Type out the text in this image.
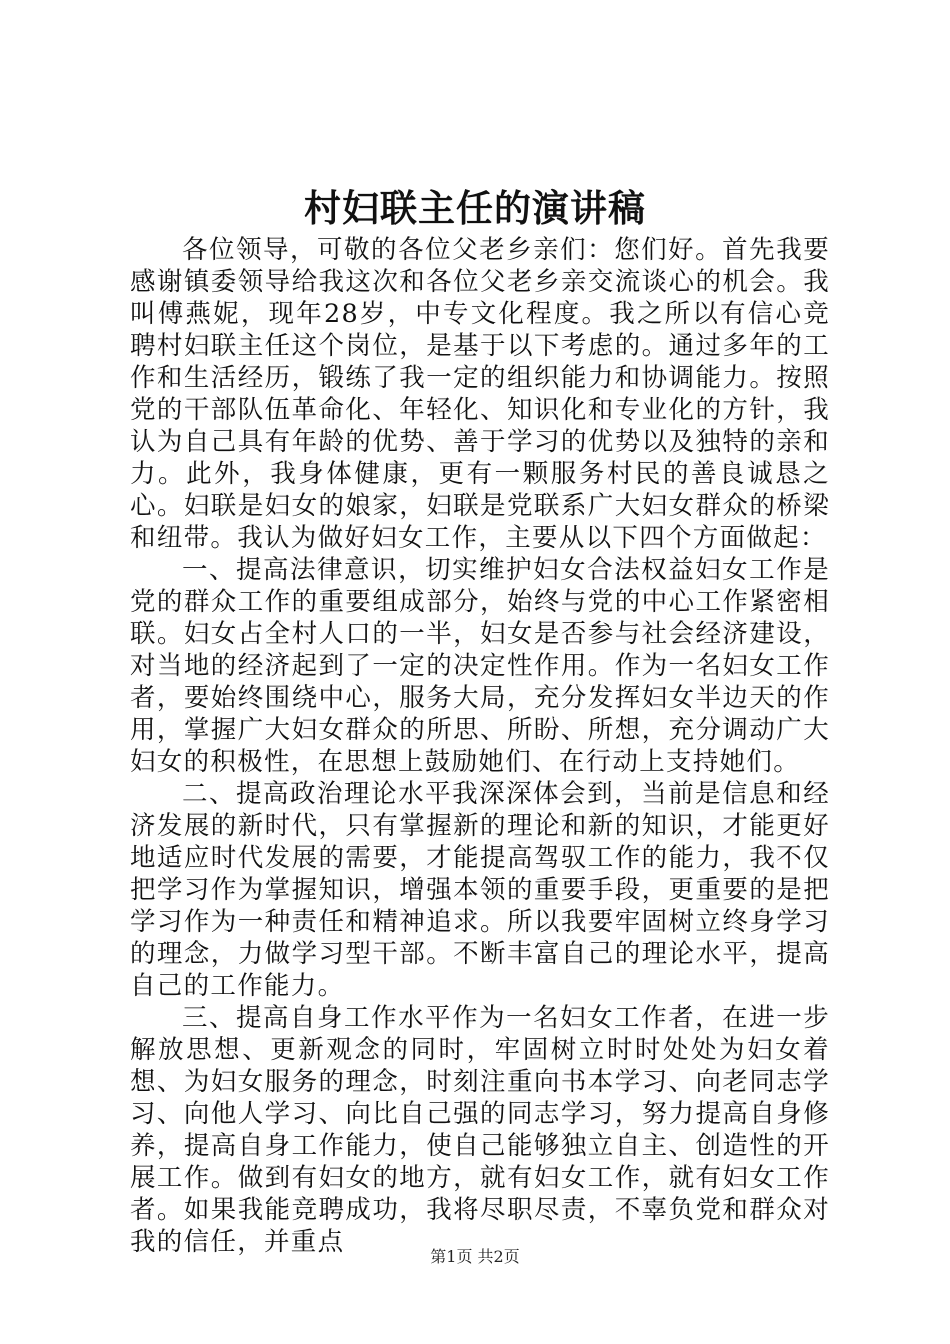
村妇联主任的演讲稿

各位领导，可敬的各位父老乡亲们：您们好。首先我要感谢镇委领导给我这次和各位父老乡亲交流谈心的机会。我叫傅燕妮，现年28岁，中专文化程度。我之所以有信心竞聘村妇联主任这个岗位，是基于以下考虑的。通过多年的工作和生活经历，锻练了我一定的组织能力和协调能力。按照党的干部队伍革命化、年轻化、知识化和专业化的方针，我认为自己具有年龄的优势、善于学习的优势以及独特的亲和力。此外，我身体健康，更有一颗服务村民的善良诚恳之心。妇联是妇女的娘家，妇联是党联系广大妇女群众的桥梁和纽带。我认为做好妇女工作，主要从以下四个方面做起：

一、提高法律意识，切实维护妇女合法权益妇女工作是党的群众工作的重要组成部分，始终与党的中心工作紧密相联。妇女占全村人口的一半，妇女是否参与社会经济建设，对当地的经济起到了一定的决定性作用。作为一名妇女工作者，要始终围绕中心，服务大局，充分发挥妇女半边天的作用，掌握广大妇女群众的所思、所盼、所想，充分调动广大妇女的积极性，在思想上鼓励她们、在行动上支持她们。

二、提高政治理论水平我深深体会到，当前是信息和经济发展的新时代，只有掌握新的理论和新的知识，才能更好地适应时代发展的需要，才能提高驾驭工作的能力，我不仅把学习作为掌握知识，增强本领的重要手段，更重要的是把学习作为一种责任和精神追求。所以我要牢固树立终身学习的理念，力做学习型干部。不断丰富自己的理论水平，提高自己的工作能力。

三、提高自身工作水平作为一名妇女工作者，在进一步解放思想、更新观念的同时，牢固树立时时处处为妇女着想、为妇女服务的理念，时刻注重向书本学习、向老同志学习、向他人学习、向比自己强的同志学习，努力提高自身修养，提高自身工作能力，使自己能够独立自主、创造性的开展工作。做到有妇女的地方，就有妇女工作，就有妇女工作者。如果我能竞聘成功，我将尽职尽责，不辜负党和群众对我的信任，并重点	第1页 共2页
